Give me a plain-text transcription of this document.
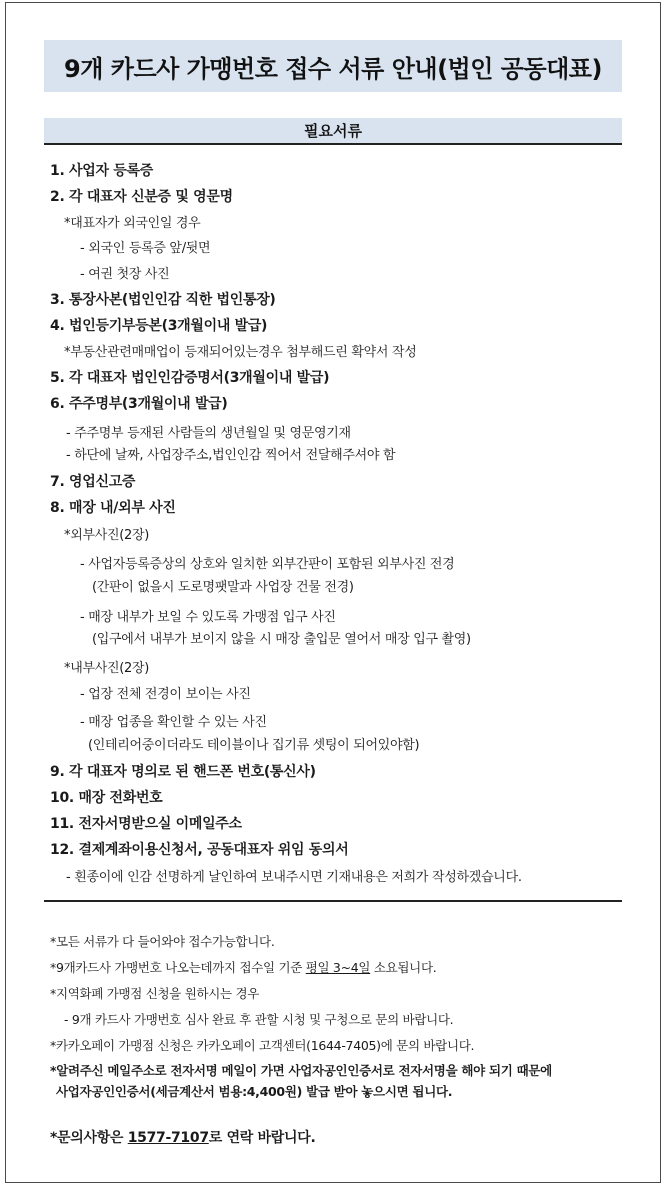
9개 카드사 가맹번호 접수 서류 안내(법인 공동대표)
필요서류
1. 사업자 등록증
2. 각 대표자 신분증 및 영문명
*대표자가 외국인일 경우
- 외국인 등록증 앞/뒷면
- 여권 첫장 사진
3. 통장사본(법인인감 직한 법인통장)
4. 법인등기부등본(3개월이내 발급)
*부동산관련매매업이 등재되어있는경우 첨부해드린 확약서 작성
5. 각 대표자 법인인감증명서(3개월이내 발급)
6. 주주명부(3개월이내 발급)
- 주주명부 등재된 사람들의 생년월일 및 영문영기재
- 하단에 날짜, 사업장주소,법인인감 찍어서 전달해주셔야 함
7. 영업신고증
8. 매장 내/외부 사진
*외부사진(2장)
- 사업자등록증상의 상호와 일치한 외부간판이 포함된 외부사진 전경
(간판이 없을시 도로명팻말과 사업장 건물 전경)
- 매장 내부가 보일 수 있도록 가맹점 입구 사진
(입구에서 내부가 보이지 않을 시 매장 출입문 열어서 매장 입구 촬영)
*내부사진(2장)
- 업장 전체 전경이 보이는 사진
- 매장 업종을 확인할 수 있는 사진
(인테리어중이더라도 테이블이나 집기류 셋팅이 되어있야함)
9. 각 대표자 명의로 된 핸드폰 번호(통신사)
10. 매장 전화번호
11. 전자서명받으실 이메일주소
12. 결제계좌이용신청서, 공동대표자 위임 동의서
- 흰종이에 인감 선명하게 날인하여 보내주시면 기재내용은 저희가 작성하겠습니다.
*모든 서류가 다 들어와야 접수가능합니다.
*9개카드사 가맹번호 나오는데까지 접수일 기준 평일 3~4일 소요됩니다.
*지역화폐 가맹점 신청을 원하시는 경우
- 9개 카드사 가맹번호 심사 완료 후 관할 시청 및 구청으로 문의 바랍니다.
*카카오페이 가맹점 신청은 카카오페이 고객센터(1644-7405)에 문의 바랍니다.
*알려주신 메일주소로 전자서명 메일이 가면 사업자공인인증서로 전자서명을 해야 되기 때문에
사업자공인인증서(세금계산서 범용:4,400원) 발급 받아 놓으시면 됩니다.
*문의사항은 1577-7107로 연락 바랍니다.
